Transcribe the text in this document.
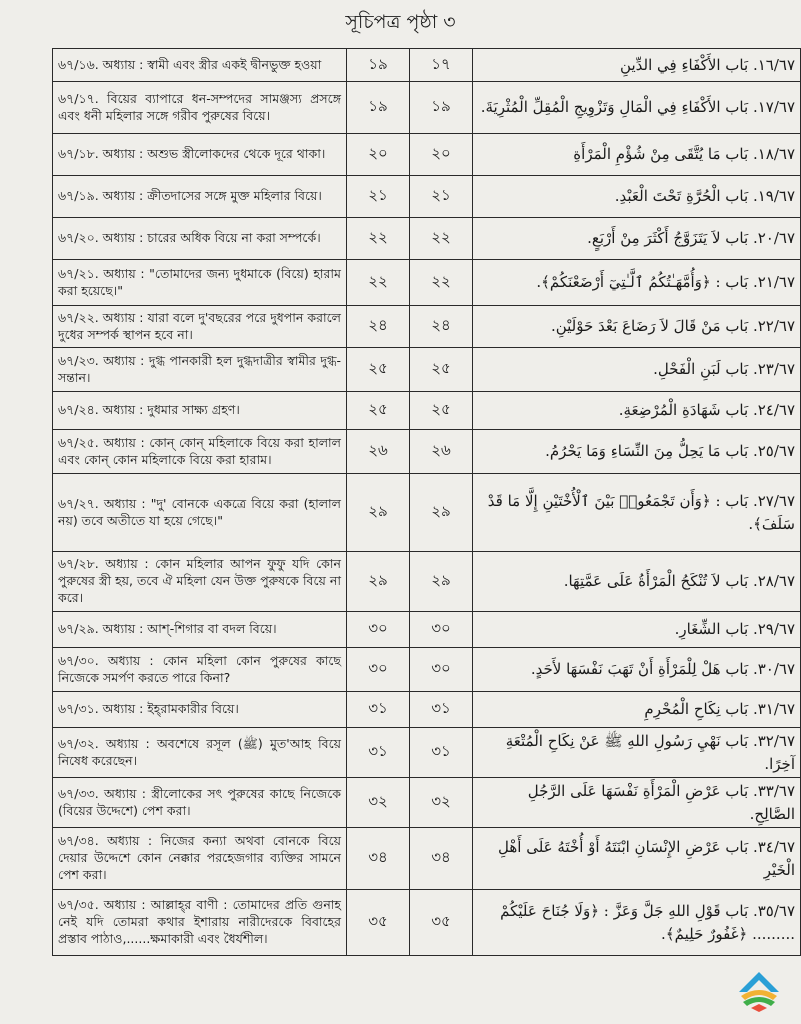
সূচিপত্র পৃষ্ঠা ৩
৬৭/১৬. অধ্যায় : স্বামী এবং স্ত্রীর একই দ্বীনভুক্ত হওয়া	১৯	১৭	١٦/٦٧. بَاب الأَكْفَاءِ فِي الدِّينِ
৬৭/১৭. বিয়ের ব্যাপারে ধন-সম্পদের সামঞ্জস্য প্রসঙ্গে এবং ধনী মহিলার সঙ্গে গরীব পুরুষের বিয়ে।	১৯	১৯	١٧/٦٧. بَاب الأَكْفَاءِ فِي الْمَالِ وَتَزْوِيجِ الْمُقِلِّ الْمُثْرِيَةَ.
৬৭/১৮. অধ্যায় : অশুভ স্ত্রীলোকদের থেকে দূরে থাকা।	২০	২০	١٨/٦٧. بَاب مَا يُتَّقَى مِنْ شُؤْمِ الْمَرْأَةِ
৬৭/১৯. অধ্যায় : ক্রীতদাসের সঙ্গে মুক্ত মহিলার বিয়ে।	২১	২১	١٩/٦٧. بَاب الْحُرَّةِ تَحْتَ الْعَبْدِ.
৬৭/২০. অধ্যায় : চারের অধিক বিয়ে না করা সম্পর্কে।	২২	২২	٢٠/٦٧. بَاب لاَ يَتَزَوَّجُ أَكْثَرَ مِنْ أَرْبَعٍ.
৬৭/২১. অধ্যায় : "তোমাদের জন্য দুধমাকে (বিয়ে) হারাম করা হয়েছে।"	২২	২২	٢١/٦٧. بَاب : ﴿وَأُمَّهَـٰتُكُمُ ٱلَّـٰتِيٓ أَرْضَعْنَكُمْ﴾.
৬৭/২২. অধ্যায় : যারা বলে দু'বছরের পরে দুধপান করালে দুধের সম্পর্ক স্থাপন হবে না।	২৪	২৪	٢٢/٦٧. بَاب مَنْ قَالَ لاَ رَضَاعَ بَعْدَ حَوْلَيْنِ.
৬৭/২৩. অধ্যায় : দুগ্ধ পানকারী হল দুগ্ধদাত্রীর স্বামীর দুগ্ধ-সন্তান।	২৫	২৫	٢٣/٦٧. بَاب لَبَنِ الْفَحْلِ.
৬৭/২৪. অধ্যায় : দুধমার সাক্ষ্য গ্রহণ।	২৫	২৫	٢٤/٦٧. بَاب شَهَادَةِ الْمُرْضِعَةِ.
৬৭/২৫. অধ্যায় : কোন্ কোন্ মহিলাকে বিয়ে করা হালাল এবং কোন্ কোন মহিলাকে বিয়ে করা হারাম।	২৬	২৬	٢٥/٦٧. بَاب مَا يَحِلُّ مِنَ النِّسَاءِ وَمَا يَحْرُمُ.
৬৭/২৭. অধ্যায় : "দু' বোনকে একত্রে বিয়ে করা (হালাল নয়) তবে অতীতে যা হয়ে গেছে।"	২৯	২৯	٢٧/٦٧. بَاب : ﴿وَأَن تَجْمَعُوا۟ بَيْنَ ٱلْأُخْتَيْنِ إِلَّا مَا قَدْ سَلَفَ﴾.
৬৭/২৮. অধ্যায় : কোন মহিলার আপন ফুফু যদি কোন পুরুষের স্ত্রী হয়, তবে ঐ মহিলা যেন উক্ত পুরুষকে বিয়ে না করে।	২৯	২৯	٢٨/٦٧. بَاب لاَ تُنْكَحُ الْمَرْأَةُ عَلَى عَمَّتِهَا.
৬৭/২৯. অধ্যায় : আশ্-শিগার বা বদল বিয়ে।	৩০	৩০	٢٩/٦٧. بَاب الشِّغَارِ.
৬৭/৩০. অধ্যায় : কোন মহিলা কোন পুরুষের কাছে নিজেকে সমর্পণ করতে পারে কিনা?	৩০	৩০	٣٠/٦٧. بَاب هَلْ لِلْمَرْأَةِ أَنْ تَهَبَ نَفْسَهَا لأَحَدٍ.
৬৭/৩১. অধ্যায় : ইহ্‌রামকারীর বিয়ে।	৩১	৩১	٣١/٦٧. بَاب نِكَاحِ الْمُحْرِمِ
৬৭/৩২. অধ্যায় : অবশেষে রসূল (ﷺ) মুত'আহ বিয়ে নিষেধ করেছেন।	৩১	৩১	٣٢/٦٧. بَاب نَهْيِ رَسُولِ اللهِ ﷺ عَنْ نِكَاحِ الْمُتْعَةِ آخِرًا.
৬৭/৩৩. অধ্যায় : স্ত্রীলোকের সৎ পুরুষের কাছে নিজেকে (বিয়ের উদ্দেশে) পেশ করা।	৩২	৩২	٣٣/٦٧. بَاب عَرْضِ الْمَرْأَةِ نَفْسَهَا عَلَى الرَّجُلِ الصَّالِحِ.
৬৭/৩৪. অধ্যায় : নিজের কন্যা অথবা বোনকে বিয়ে দেয়ার উদ্দেশে কোন নেক্কার পরহেজগার ব্যক্তির সামনে পেশ করা।	৩৪	৩৪	٣٤/٦٧. بَاب عَرْضِ الإِنْسَانِ ابْنَتَهُ أَوْ أُخْتَهُ عَلَى أَهْلِ الْخَيْرِ
৬৭/৩৫. অধ্যায় : আল্লাহ্‌র বাণী : তোমাদের প্রতি গুনাহ নেই যদি তোমরা কথার ইশারায় নারীদেরকে বিবাহের প্রস্তাব পাঠাও,......ক্ষমাকারী এবং ধৈর্যশীল।	৩৫	৩৫	٣٥/٦٧. بَاب قَوْلِ اللهِ جَلَّ وَعَزَّ : ﴿وَلَا جُنَاحَ عَلَيْكُمْ ......... ﴿غَفُورٌ حَلِيمٌ﴾.
